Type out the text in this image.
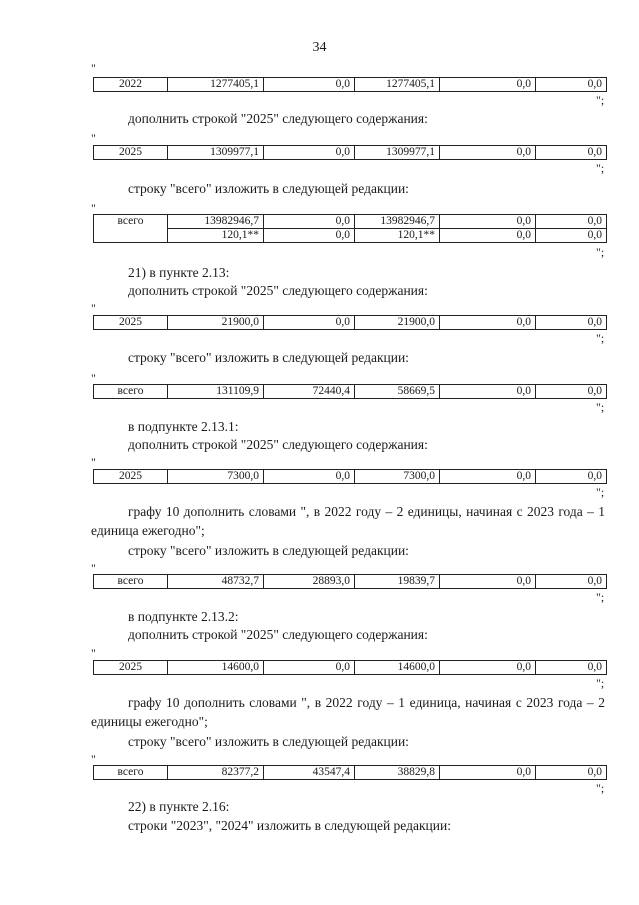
34
"
2022	1277405,1	0,0	1277405,1	0,0	0,0
";
дополнить строкой "2025" следующего содержания:
"
2025	1309977,1	0,0	1309977,1	0,0	0,0
";
строку "всего" изложить в следующей редакции:
"
всего	13982946,7	0,0	13982946,7	0,0	0,0
	120,1**	0,0	120,1**	0,0	0,0
";
21) в пункте 2.13:
дополнить строкой "2025" следующего содержания:
"
2025	21900,0	0,0	21900,0	0,0	0,0
";
строку "всего" изложить в следующей редакции:
"
всего	131109,9	72440,4	58669,5	0,0	0,0
";
в подпункте 2.13.1:
дополнить строкой "2025" следующего содержания:
"
2025	7300,0	0,0	7300,0	0,0	0,0
";
графу 10 дополнить словами ", в 2022 году – 2 единицы, начиная с 2023 года – 1 единица ежегодно";
строку "всего" изложить в следующей редакции:
"
всего	48732,7	28893,0	19839,7	0,0	0,0
";
в подпункте 2.13.2:
дополнить строкой "2025" следующего содержания:
"
2025	14600,0	0,0	14600,0	0,0	0,0
";
графу 10 дополнить словами ", в 2022 году – 1 единица, начиная с 2023 года – 2 единицы ежегодно";
строку "всего" изложить в следующей редакции:
"
всего	82377,2	43547,4	38829,8	0,0	0,0
";
22) в пункте 2.16:
строки "2023", "2024" изложить в следующей редакции:
